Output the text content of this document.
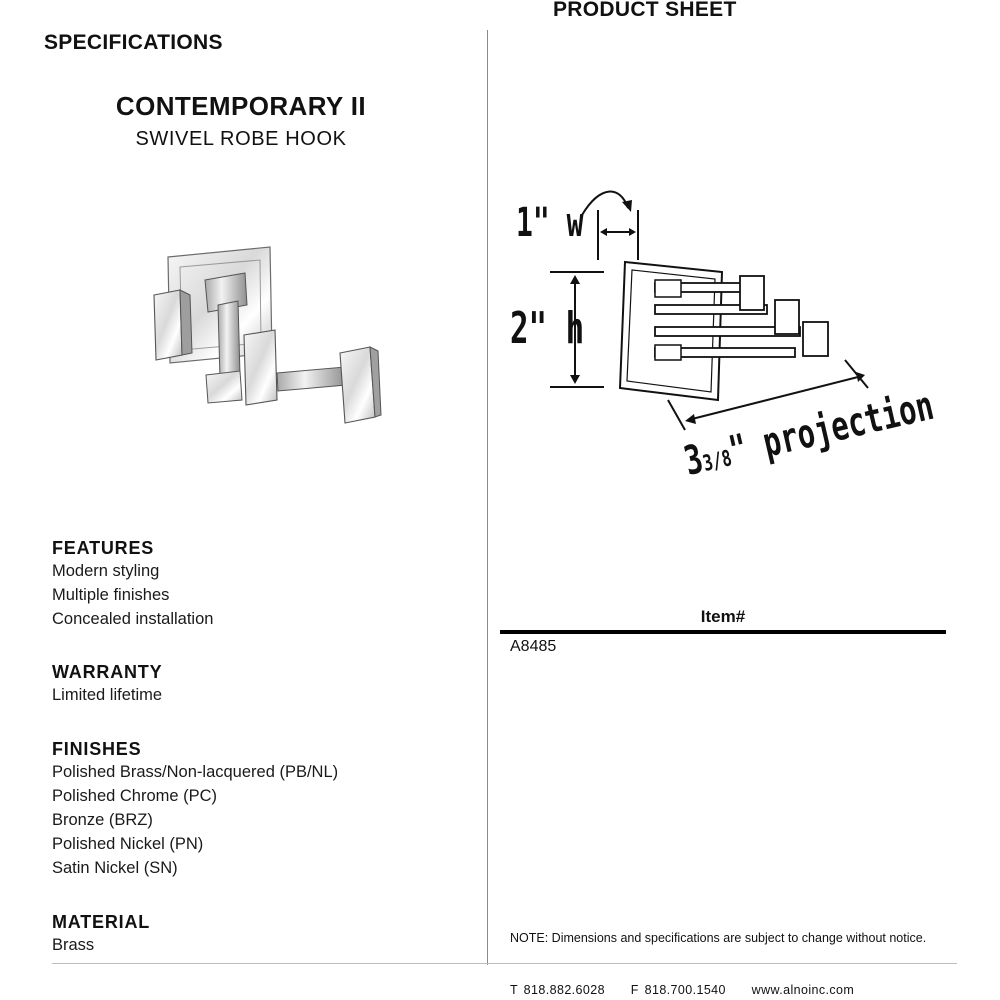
PRODUCT SHEET
SPECIFICATIONS
CONTEMPORARY II
SWIVEL ROBE HOOK
1" w
2" h
33/8" projection
FEATURES
Modern styling
Multiple finishes
Concealed installation
WARRANTY
Limited lifetime
FINISHES
Polished Brass/Non-lacquered (PB/NL)
Polished Chrome (PC)
Bronze (BRZ)
Polished Nickel (PN)
Satin Nickel (SN)
MATERIAL
Brass
Item#
A8485
NOTE: Dimensions and specifications are subject to change without notice.
T 818.882.6028 F 818.700.1540 www.alnoinc.com
